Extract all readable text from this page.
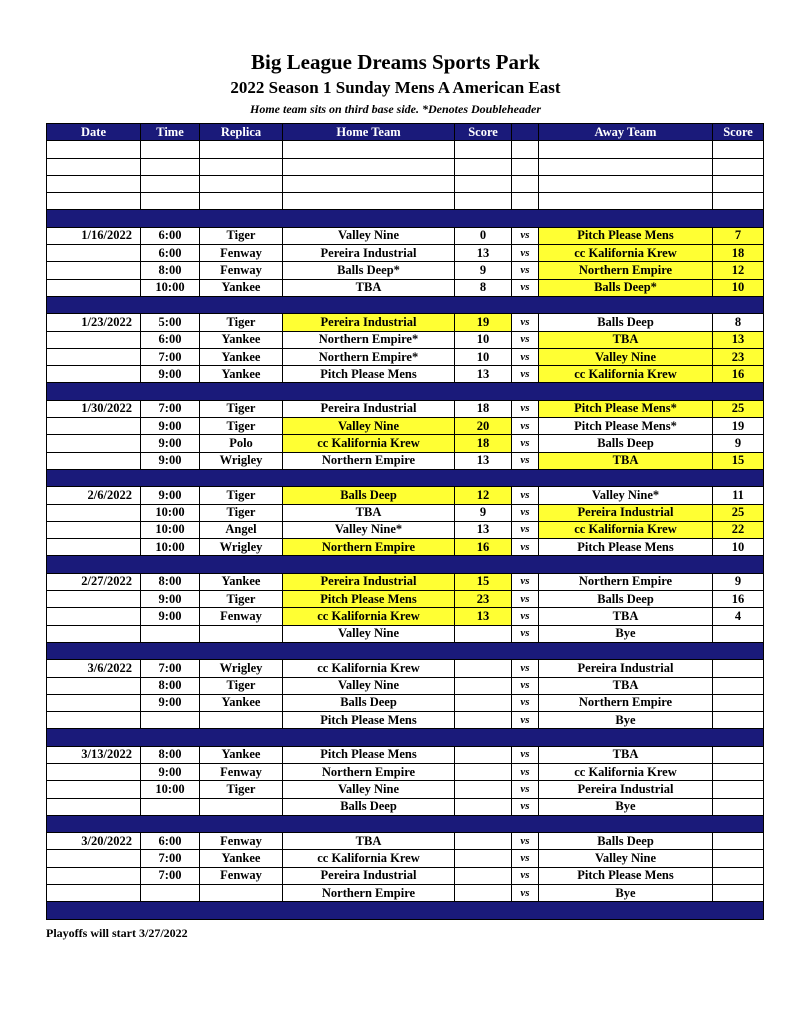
Big League Dreams Sports Park
2022 Season 1 Sunday Mens A American East
Home team sits on third base side. *Denotes Doubleheader
Date	Time	Replica	Home Team	Score		Away Team	Score

1/16/2022	6:00	Tiger	Valley Nine	0	vs	Pitch Please Mens	7
	6:00	Fenway	Pereira Industrial	13	vs	cc Kalifornia Krew	18
	8:00	Fenway	Balls Deep*	9	vs	Northern Empire	12
	10:00	Yankee	TBA	8	vs	Balls Deep*	10

1/23/2022	5:00	Tiger	Pereira Industrial	19	vs	Balls Deep	8
	6:00	Yankee	Northern Empire*	10	vs	TBA	13
	7:00	Yankee	Northern Empire*	10	vs	Valley Nine	23
	9:00	Yankee	Pitch Please Mens	13	vs	cc Kalifornia Krew	16

1/30/2022	7:00	Tiger	Pereira Industrial	18	vs	Pitch Please Mens*	25
	9:00	Tiger	Valley Nine	20	vs	Pitch Please Mens*	19
	9:00	Polo	cc Kalifornia Krew	18	vs	Balls Deep	9
	9:00	Wrigley	Northern Empire	13	vs	TBA	15

2/6/2022	9:00	Tiger	Balls Deep	12	vs	Valley Nine*	11
	10:00	Tiger	TBA	9	vs	Pereira Industrial	25
	10:00	Angel	Valley Nine*	13	vs	cc Kalifornia Krew	22
	10:00	Wrigley	Northern Empire	16	vs	Pitch Please Mens	10

2/27/2022	8:00	Yankee	Pereira Industrial	15	vs	Northern Empire	9
	9:00	Tiger	Pitch Please Mens	23	vs	Balls Deep	16
	9:00	Fenway	cc Kalifornia Krew	13	vs	TBA	4
			Valley Nine		vs	Bye	

3/6/2022	7:00	Wrigley	cc Kalifornia Krew		vs	Pereira Industrial	
	8:00	Tiger	Valley Nine		vs	TBA	
	9:00	Yankee	Balls Deep		vs	Northern Empire	
			Pitch Please Mens		vs	Bye	

3/13/2022	8:00	Yankee	Pitch Please Mens		vs	TBA	
	9:00	Fenway	Northern Empire		vs	cc Kalifornia Krew	
	10:00	Tiger	Valley Nine		vs	Pereira Industrial	
			Balls Deep		vs	Bye	

3/20/2022	6:00	Fenway	TBA		vs	Balls Deep	
	7:00	Yankee	cc Kalifornia Krew		vs	Valley Nine	
	7:00	Fenway	Pereira Industrial		vs	Pitch Please Mens	
			Northern Empire		vs	Bye	

Playoffs will start 3/27/2022
